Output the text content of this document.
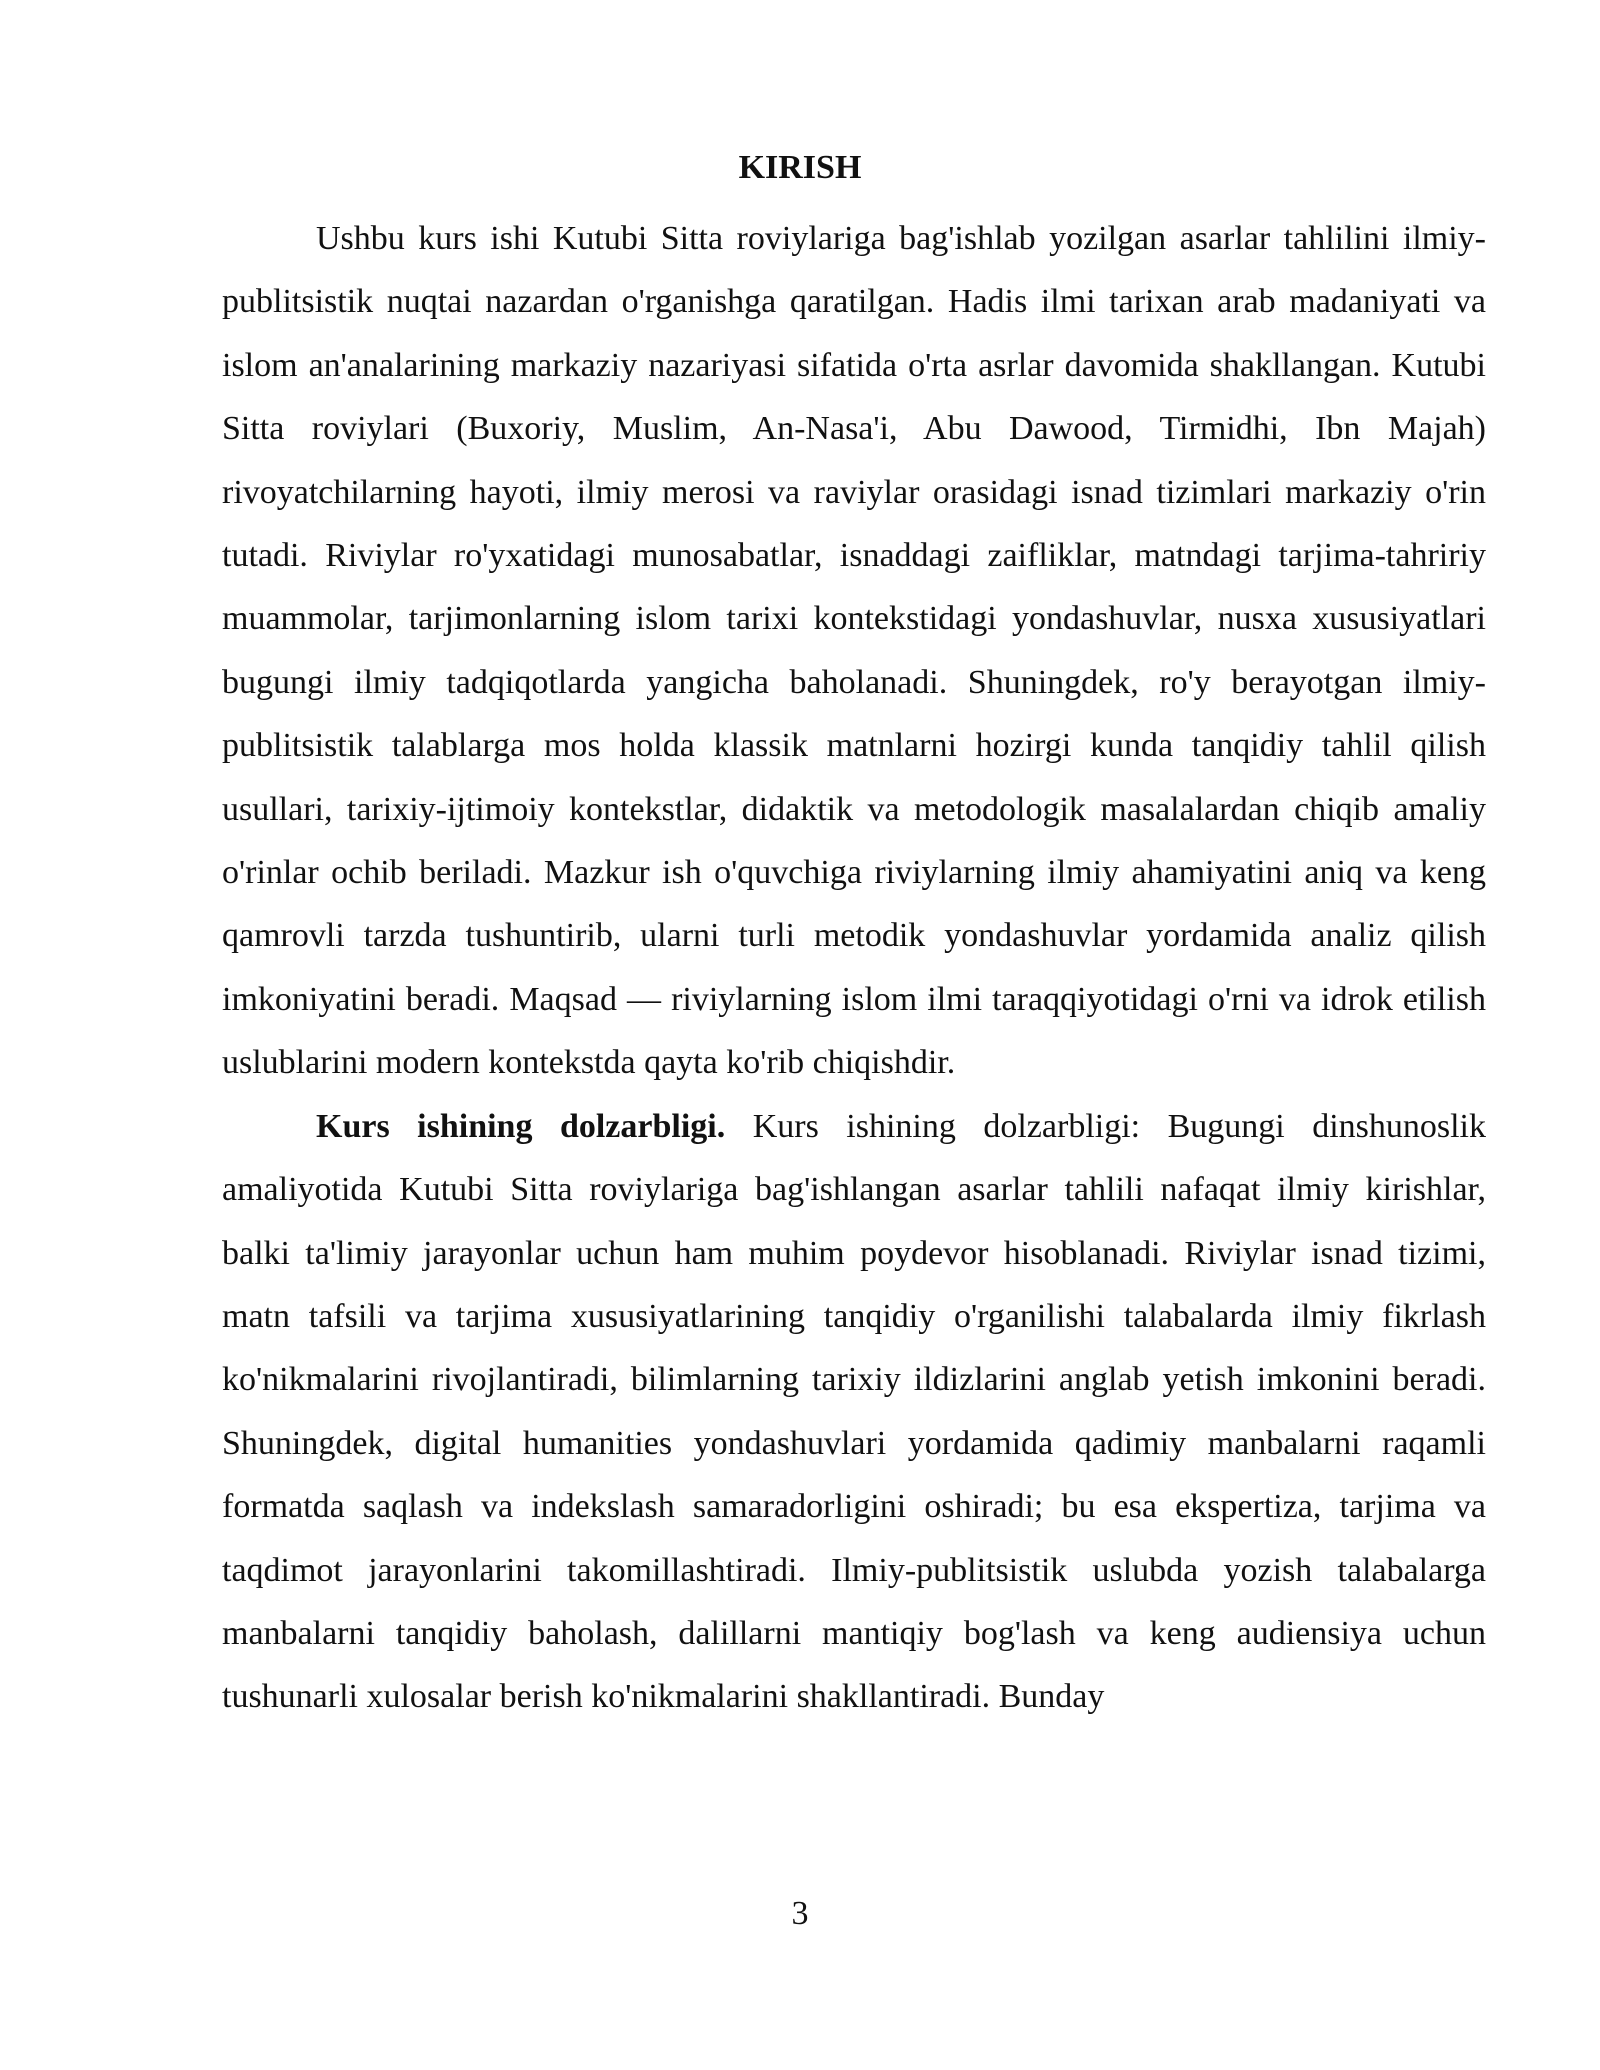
KIRISH

Ushbu kurs ishi Kutubi Sitta roviylariga bag'ishlab yozilgan asarlar tahlilini ilmiy-publitsistik nuqtai nazardan o'rganishga qaratilgan. Hadis ilmi tarixan arab madaniyati va islom an'analarining markaziy nazariyasi sifatida o'rta asrlar davomida shakllangan. Kutubi Sitta roviylari (Buxoriy, Muslim, An-Nasa'i, Abu Dawood, Tirmidhi, Ibn Majah) rivoyatchilarning hayoti, ilmiy merosi va raviylar orasidagi isnad tizimlari markaziy o'rin tutadi. Riviylar ro'yxatidagi munosabatlar, isnaddagi zaifliklar, matndagi tarjima-tahririy muammolar, tarjimonlarning islom tarixi kontekstidagi yondashuvlar, nusxa xususiyatlari bugungi ilmiy tadqiqotlarda yangicha baholanadi. Shuningdek, ro'y berayotgan ilmiy-publitsistik talablarga mos holda klassik matnlarni hozirgi kunda tanqidiy tahlil qilish usullari, tarixiy-ijtimoiy kontekstlar, didaktik va metodologik masalalardan chiqib amaliy o'rinlar ochib beriladi. Mazkur ish o'quvchiga riviylarning ilmiy ahamiyatini aniq va keng qamrovli tarzda tushuntirib, ularni turli metodik yondashuvlar yordamida analiz qilish imkoniyatini beradi. Maqsad — riviylarning islom ilmi taraqqiyotidagi o'rni va idrok etilish uslublarini modern kontekstda qayta ko'rib chiqishdir.

Kurs ishining dolzarbligi. Kurs ishining dolzarbligi: Bugungi dinshunoslik amaliyotida Kutubi Sitta roviylariga bag'ishlangan asarlar tahlili nafaqat ilmiy kirishlar, balki ta'limiy jarayonlar uchun ham muhim poydevor hisoblanadi. Riviylar isnad tizimi, matn tafsili va tarjima xususiyatlarining tanqidiy o'rganilishi talabalarda ilmiy fikrlash ko'nikmalarini rivojlantiradi, bilimlarning tarixiy ildizlarini anglab yetish imkonini beradi. Shuningdek, digital humanities yondashuvlari yordamida qadimiy manbalarni raqamli formatda saqlash va indekslash samaradorligini oshiradi; bu esa ekspertiza, tarjima va taqdimot jarayonlarini takomillashtiradi. Ilmiy-publitsistik uslubda yozish talabalarga manbalarni tanqidiy baholash, dalillarni mantiqiy bog'lash va keng audiensiya uchun tushunarli xulosalar berish ko'nikmalarini shakllantiradi. Bunday

3
